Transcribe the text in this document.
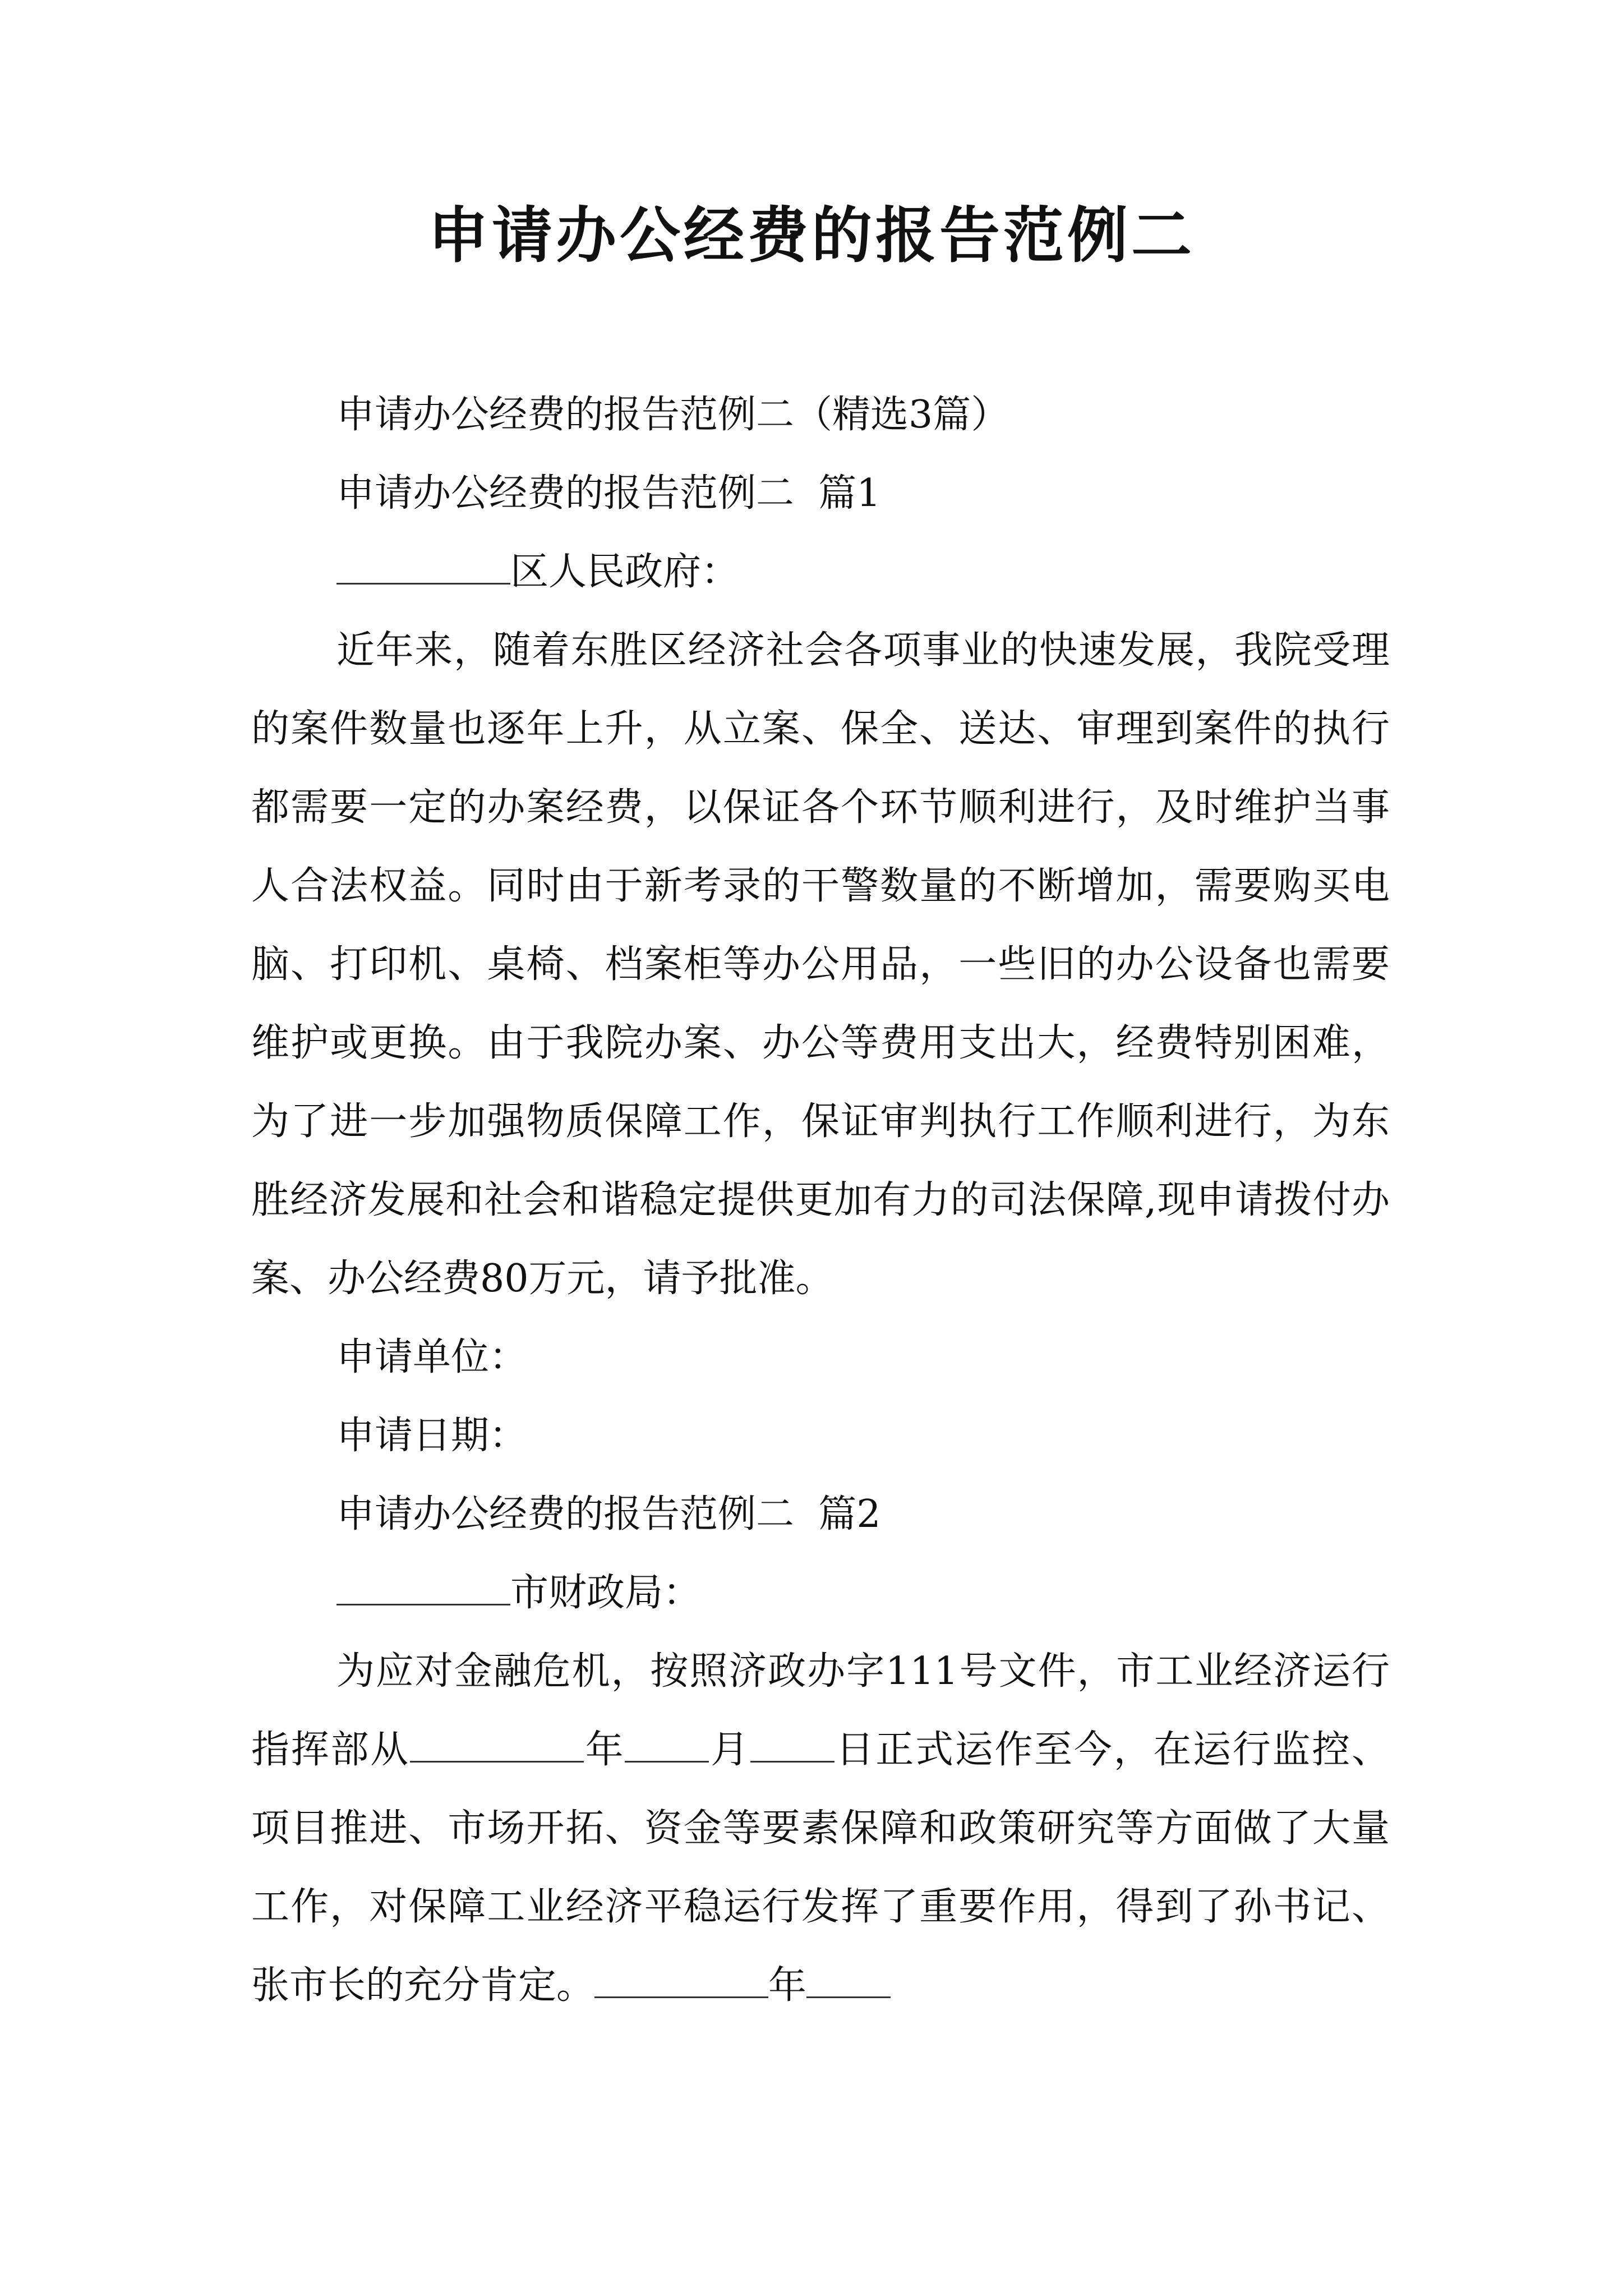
申请办公经费的报告范例二

申请办公经费的报告范例二（精选3篇）

申请办公经费的报告范例二  篇1

区人民政府：

近年来，随着东胜区经济社会各项事业的快速发展，我院受理的案件数量也逐年上升，从立案、保全、送达、审理到案件的执行都需要一定的办案经费，以保证各个环节顺利进行，及时维护当事人合法权益。同时由于新考录的干警数量的不断增加，需要购买电脑、打印机、桌椅、档案柜等办公用品，一些旧的办公设备也需要维护或更换。由于我院办案、办公等费用支出大，经费特别困难，为了进一步加强物质保障工作，保证审判执行工作顺利进行，为东胜经济发展和社会和谐稳定提供更加有力的司法保障,现申请拨付办案、办公经费80万元，请予批准。

申请单位：

申请日期：

申请办公经费的报告范例二  篇2

市财政局：

为应对金融危机，按照济政办字111号文件，市工业经济运行指挥部从	年 月 日正式运作至今，在运行监控、项目推进、市场开拓、资金等要素保障和政策研究等方面做了大量工作，对保障工业经济平稳运行发挥了重要作用，得到了孙书记、张市长的充分肯定。	年
